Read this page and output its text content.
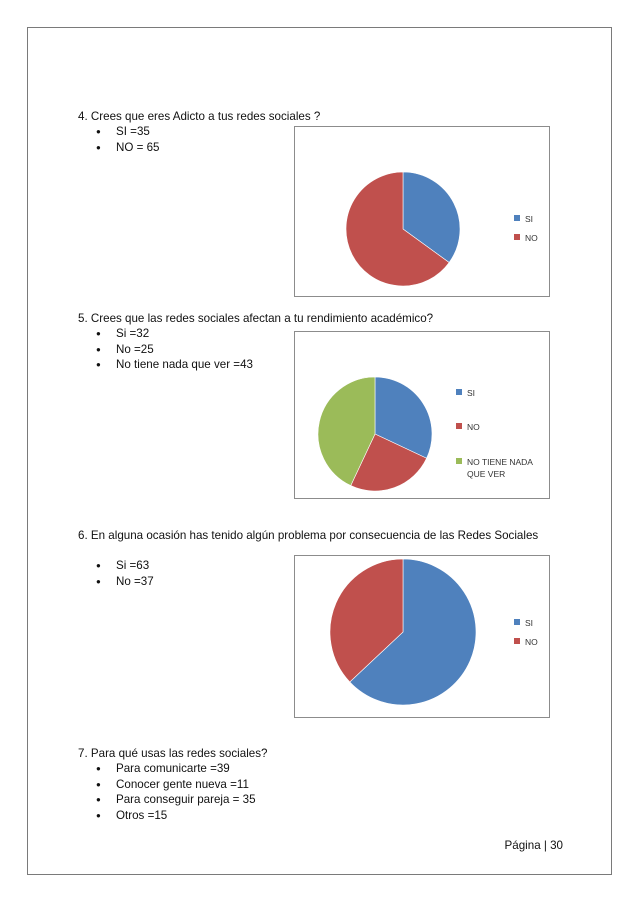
4. Crees que eres Adicto a tus redes sociales ?
● SI =35
● NO = 65
SI
NO
5. Crees que las redes sociales afectan a tu rendimiento académico?
● Si =32
● No =25
● No tiene nada que ver =43
SI
NO
NO TIENE NADA QUE VER
6. En alguna ocasión has tenido algún problema por consecuencia de las Redes Sociales
● Si =63
● No =37
SI
NO
7. Para qué usas las redes sociales?
● Para comunicarte =39
● Conocer gente nueva =11
● Para conseguir pareja = 35
● Otros =15
Página | 30
